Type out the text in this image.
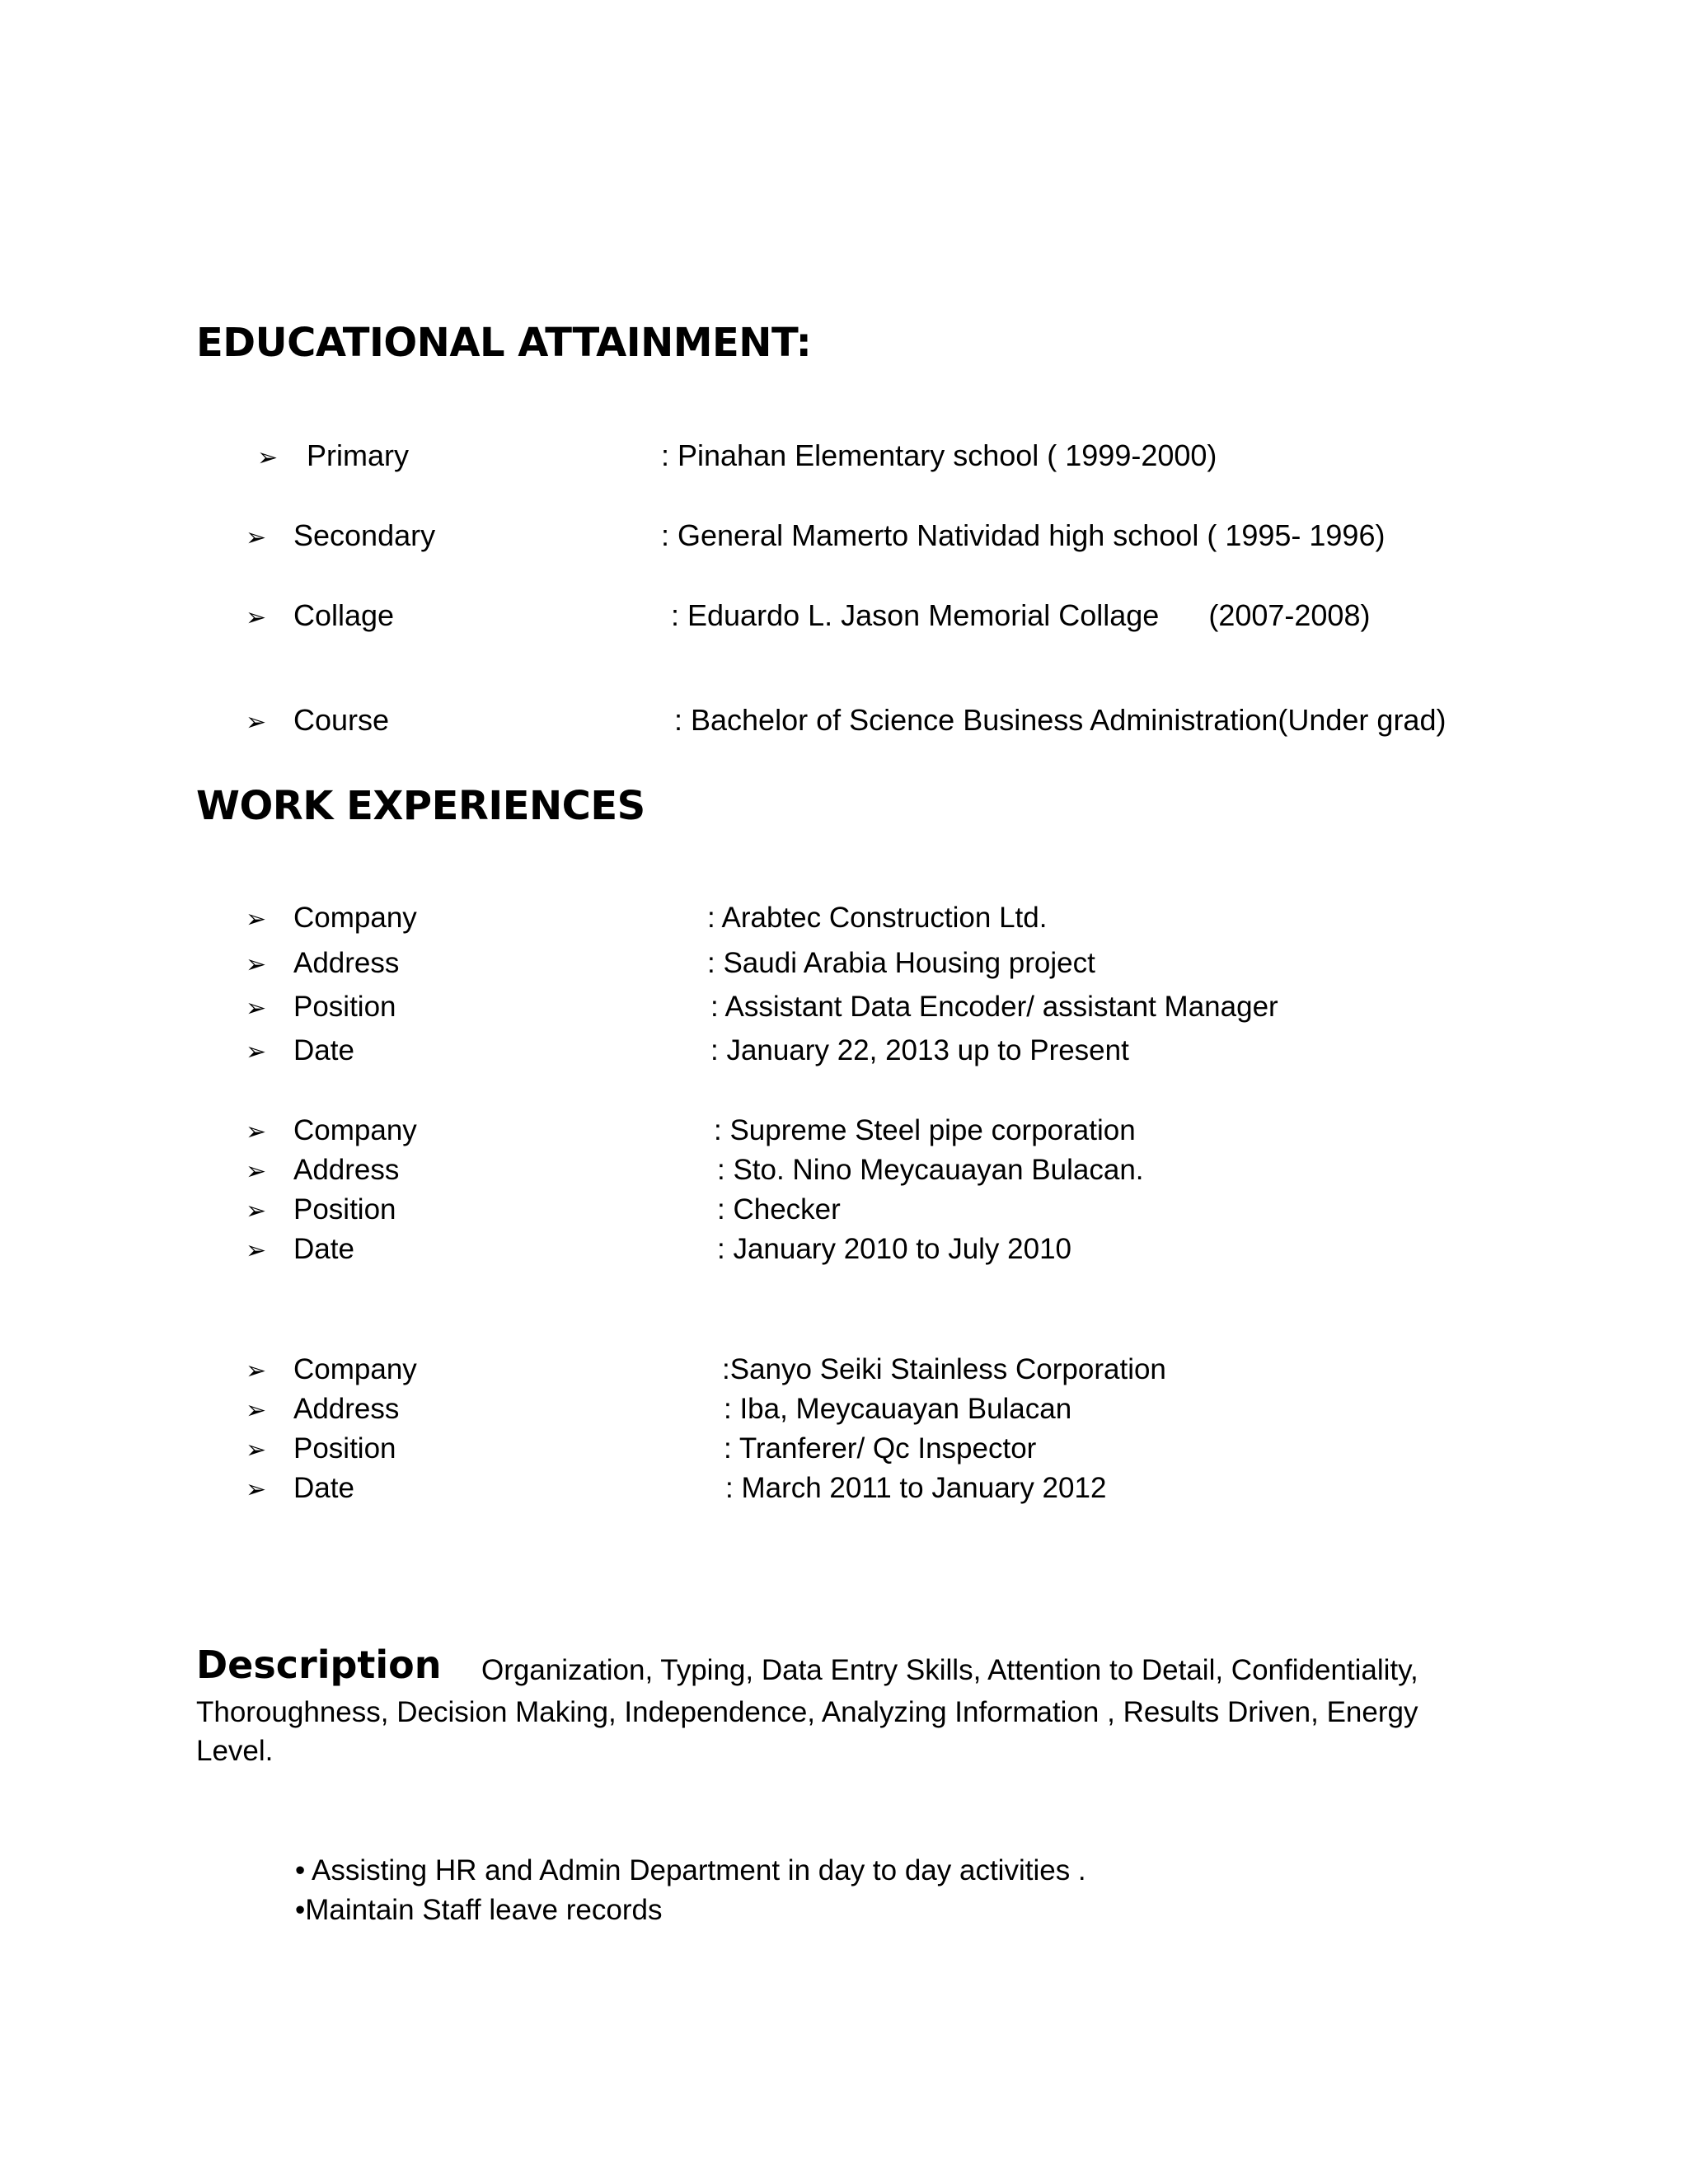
EDUCATIONAL ATTAINMENT:
➢ Primary	: Pinahan Elementary school ( 1999-2000)
➢ Secondary	: General Mamerto Natividad high school ( 1995- 1996)
➢ Collage	: Eduardo L. Jason Memorial Collage      (2007-2008)
➢ Course	: Bachelor of Science Business Administration(Under grad)
WORK EXPERIENCES
➢ Company	: Arabtec Construction Ltd.
➢ Address	: Saudi Arabia Housing project
➢ Position	: Assistant Data Encoder/ assistant Manager
➢ Date	: January 22, 2013 up to Present
➢ Company	: Supreme Steel pipe corporation
➢ Address	: Sto. Nino Meycauayan Bulacan.
➢ Position	: Checker
➢ Date	: January 2010 to July 2010
➢ Company	:Sanyo Seiki Stainless Corporation
➢ Address	: Iba, Meycauayan Bulacan
➢ Position	: Tranferer/ Qc Inspector
➢ Date	: March 2011 to January 2012
Description Organization, Typing, Data Entry Skills, Attention to Detail, Confidentiality,
Thoroughness, Decision Making, Independence, Analyzing Information , Results Driven, Energy
Level.
• Assisting HR and Admin Department in day to day activities .
•Maintain Staff leave records
